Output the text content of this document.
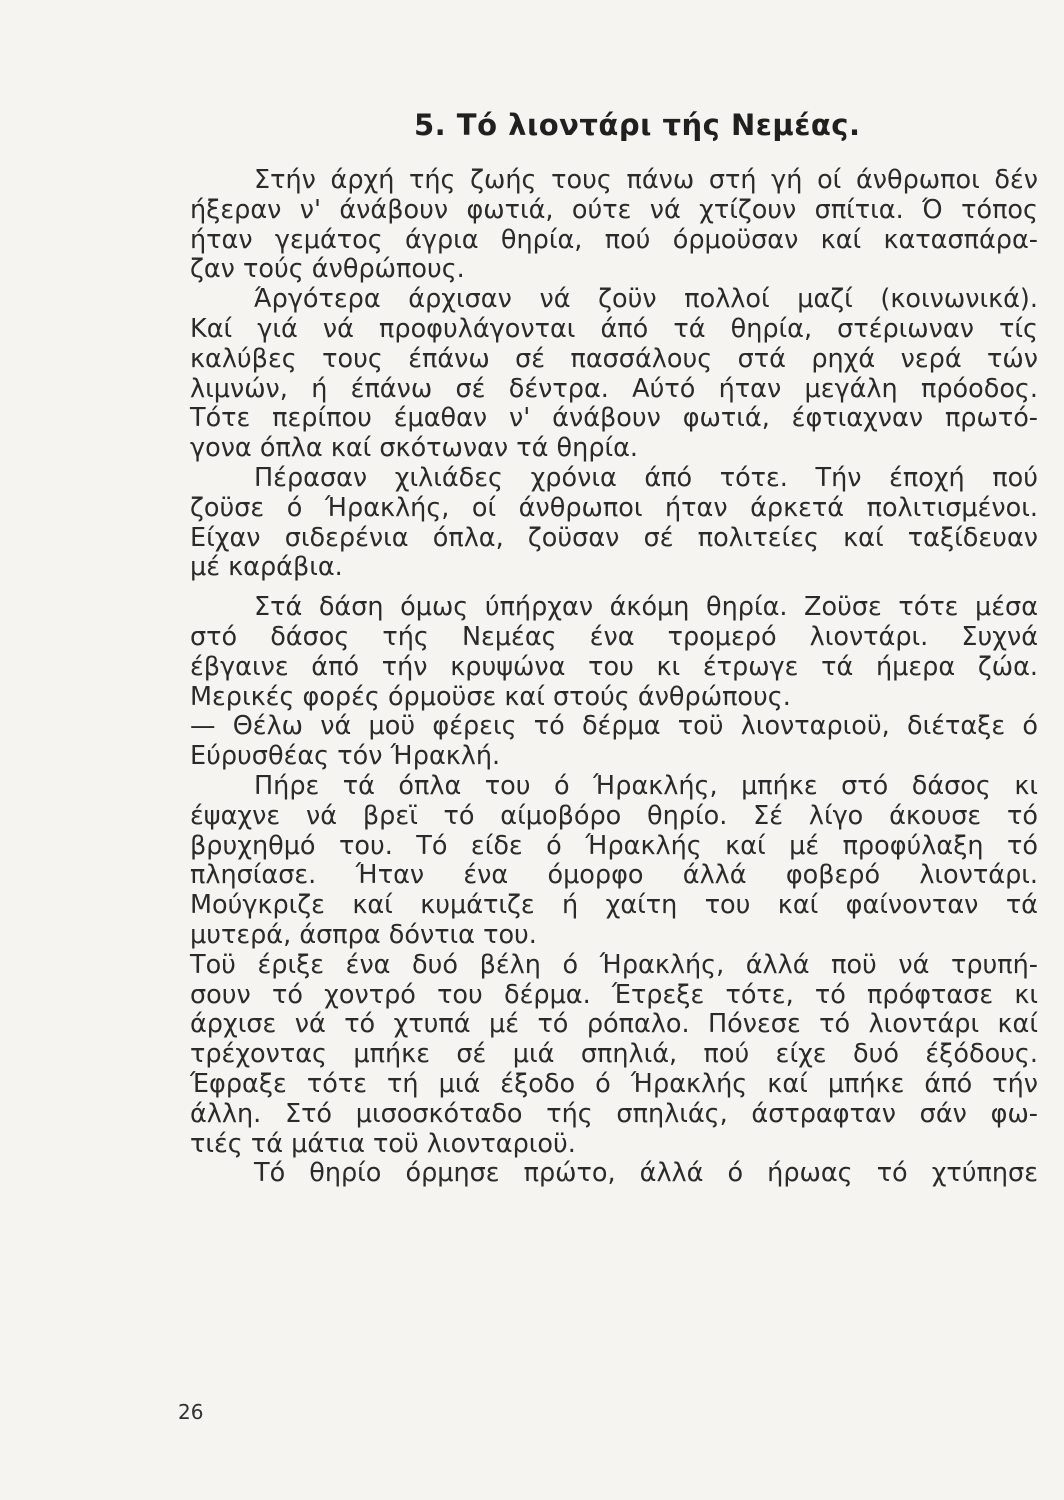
5. Τό λιοντάρι τής Νεμέας.
Στήν άρχή τής ζωής τους πάνω στή γή οί άνθρωποι δέν
ήξεραν ν' άνάβουν φωτιά, ούτε νά χτίζουν σπίτια. Ό τόπος
ήταν γεμάτος άγρια θηρία, πού όρμοϋσαν καί κατασπάρα-
ζαν τούς άνθρώπους.
Άργότερα άρχισαν νά ζοϋν πολλοί μαζί (κοινωνικά).
Καί γιά νά προφυλάγονται άπό τά θηρία, στέριωναν τίς
καλύβες τους έπάνω σέ πασσάλους στά ρηχά νερά τών
λιμνών, ή έπάνω σέ δέντρα. Αύτό ήταν μεγάλη πρόοδος.
Τότε περίπου έμαθαν ν' άνάβουν φωτιά, έφτιαχναν πρωτό-
γονα όπλα καί σκότωναν τά θηρία.
Πέρασαν χιλιάδες χρόνια άπό τότε. Τήν έποχή πού
ζοϋσε ό Ήρακλής, οί άνθρωποι ήταν άρκετά πολιτισμένοι.
Είχαν σιδερένια όπλα, ζοϋσαν σέ πολιτείες καί ταξίδευαν
μέ καράβια.
Στά δάση όμως ύπήρχαν άκόμη θηρία. Ζοϋσε τότε μέσα
στό δάσος τής Νεμέας ένα τρομερό λιοντάρι. Συχνά
έβγαινε άπό τήν κρυψώνα του κι έτρωγε τά ήμερα ζώα.
Μερικές φορές όρμοϋσε καί στούς άνθρώπους.
— Θέλω νά μοϋ φέρεις τό δέρμα τοϋ λιονταριοϋ, διέταξε ό
Εύρυσθέας τόν Ήρακλή.
Πήρε τά όπλα του ό Ήρακλής, μπήκε στό δάσος κι
έψαχνε νά βρεϊ τό αίμοβόρο θηρίο. Σέ λίγο άκουσε τό
βρυχηθμό του. Τό είδε ό Ήρακλής καί μέ προφύλαξη τό
πλησίασε. Ήταν ένα όμορφο άλλά φοβερό λιοντάρι.
Μούγκριζε καί κυμάτιζε ή χαίτη του καί φαίνονταν τά
μυτερά, άσπρα δόντια του.
Τοϋ έριξε ένα δυό βέλη ό Ήρακλής, άλλά ποϋ νά τρυπή-
σουν τό χοντρό του δέρμα. Έτρεξε τότε, τό πρόφτασε κι
άρχισε νά τό χτυπά μέ τό ρόπαλο. Πόνεσε τό λιοντάρι καί
τρέχοντας μπήκε σέ μιά σπηλιά, πού είχε δυό έξόδους.
Έφραξε τότε τή μιά έξοδο ό Ήρακλής καί μπήκε άπό τήν
άλλη. Στό μισοσκόταδο τής σπηλιάς, άστραφταν σάν φω-
τιές τά μάτια τοϋ λιονταριοϋ.
Τό θηρίο όρμησε πρώτο, άλλά ό ήρωας τό χτύπησε
26
